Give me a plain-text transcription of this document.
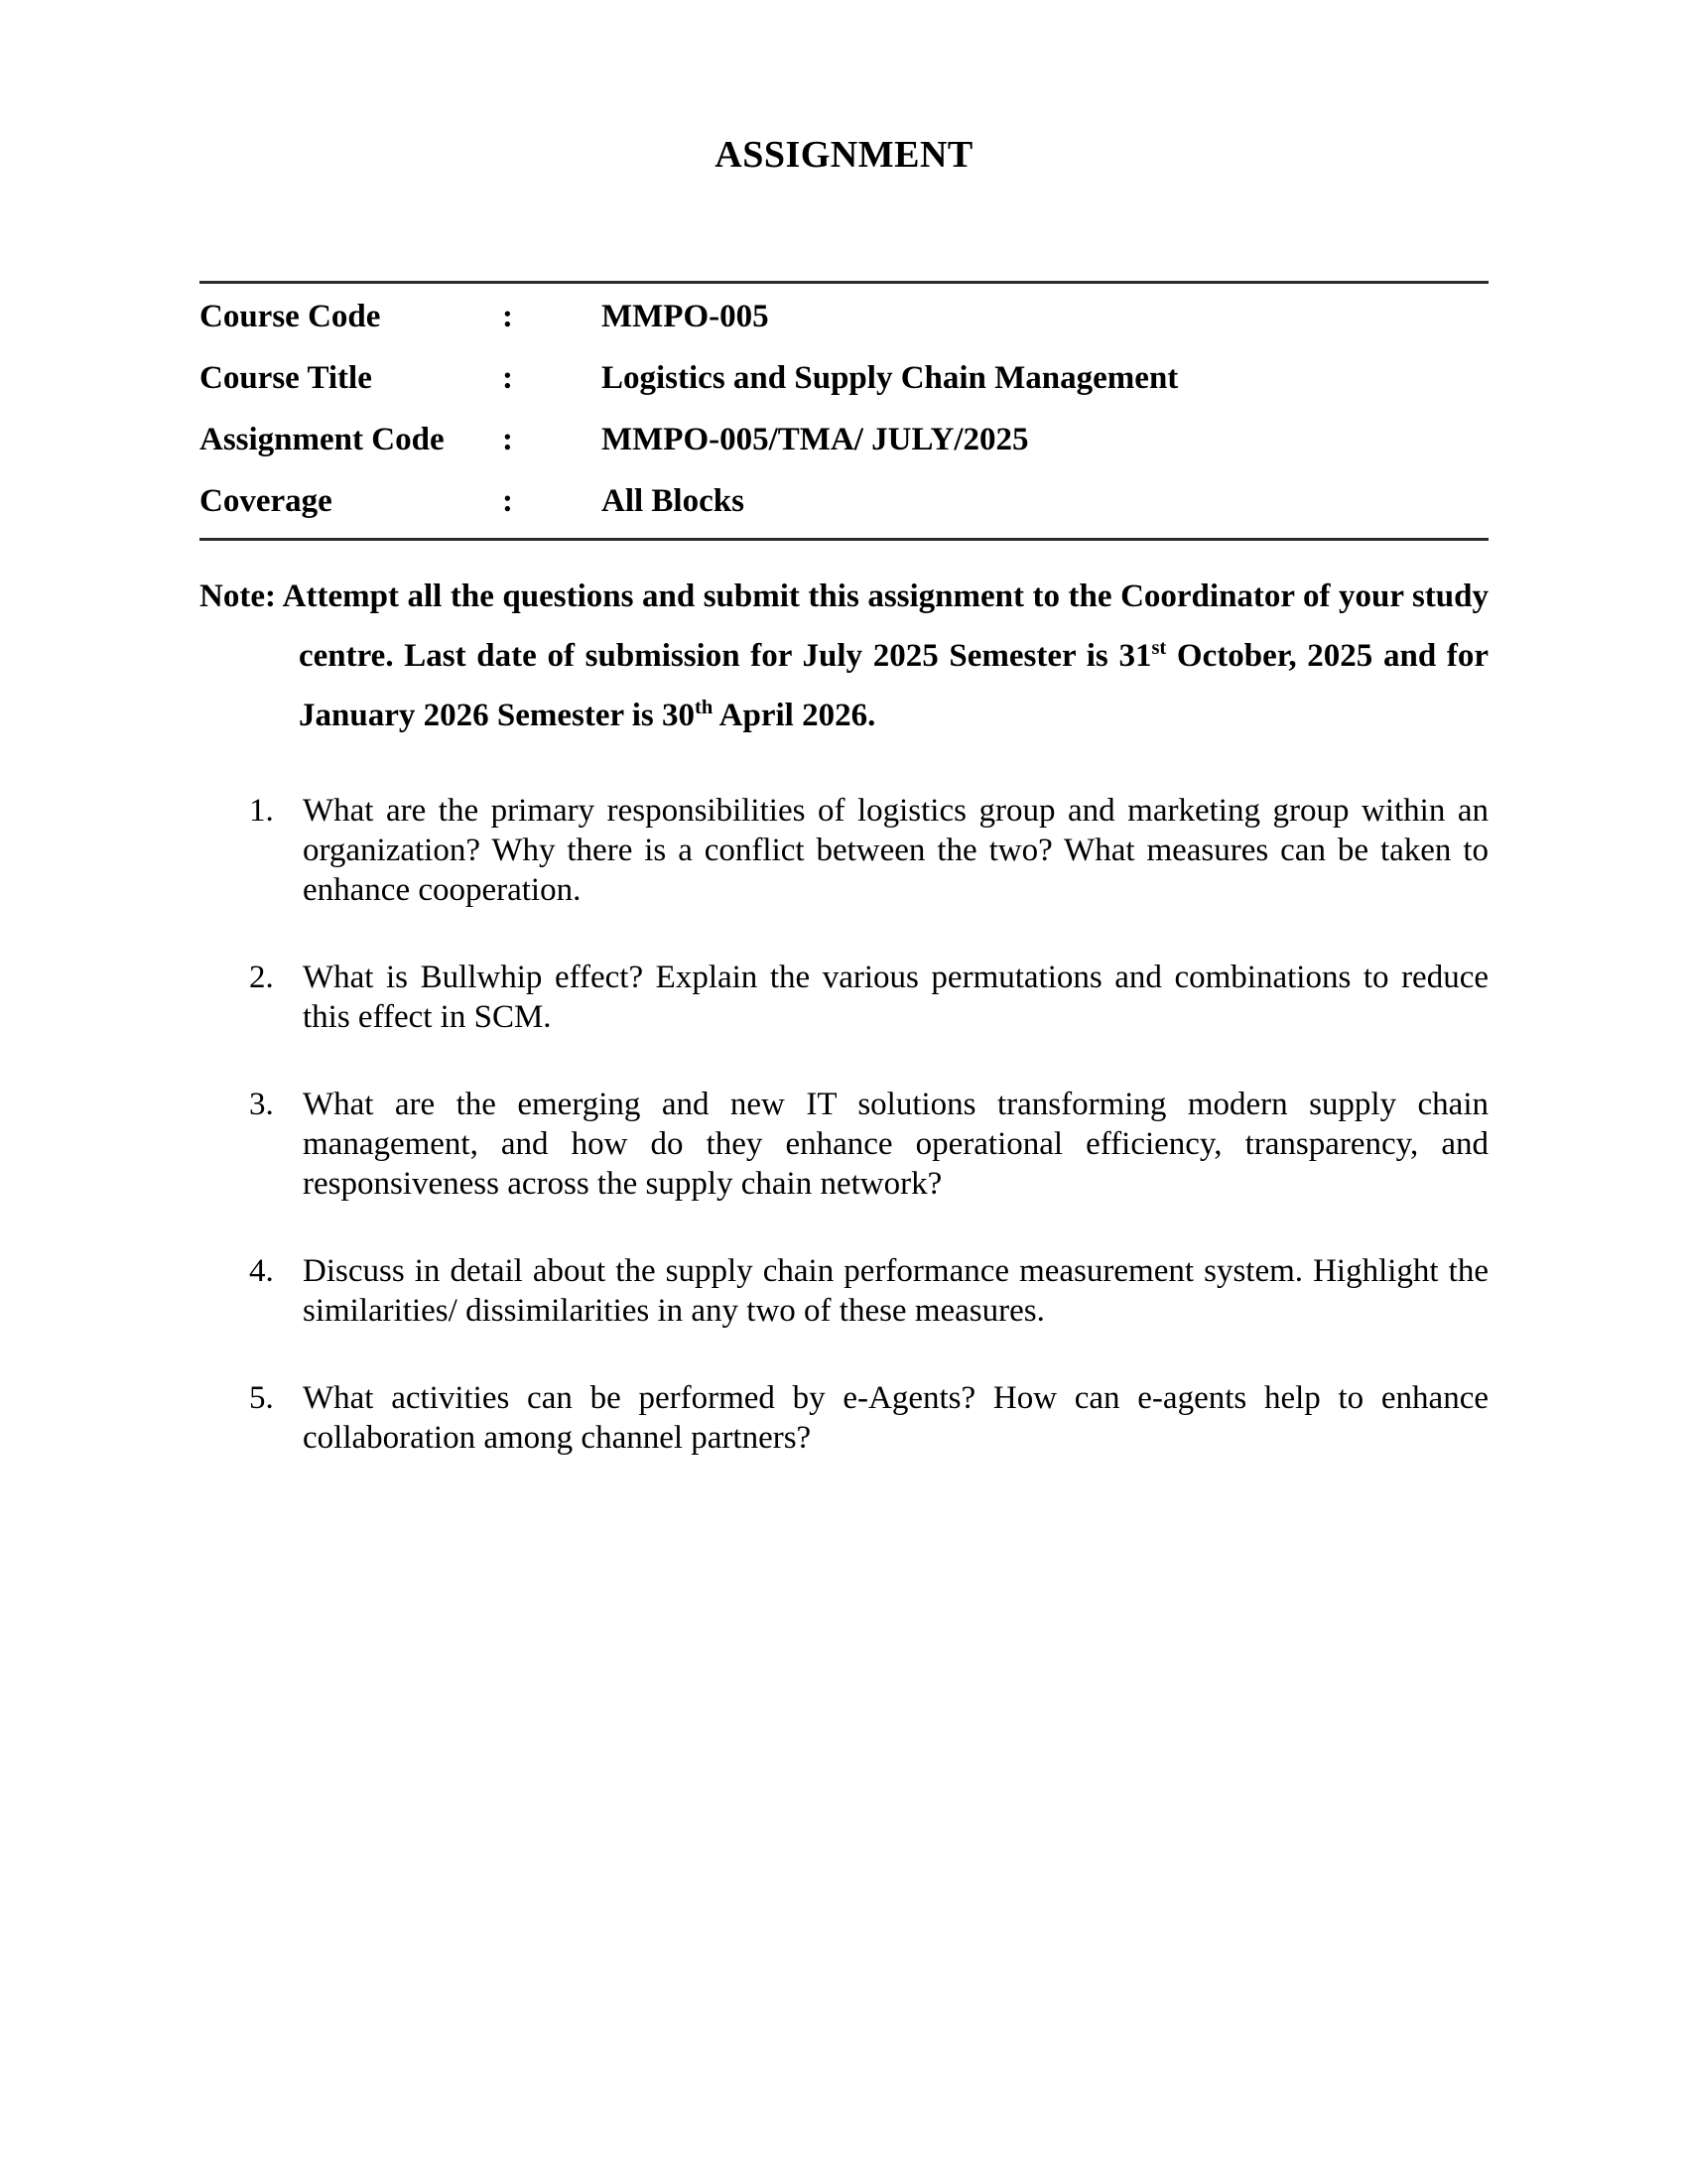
ASSIGNMENT
Course Code	:	MMPO-005
Course Title	:	Logistics and Supply Chain Management
Assignment Code	:	MMPO-005/TMA/ JULY/2025
Coverage	:	All Blocks

Note: Attempt all the questions and submit this assignment to the Coordinator of your study centre. Last date of submission for July 2025 Semester is 31st October, 2025 and for January 2026 Semester is 30th April 2026.

1. What are the primary responsibilities of logistics group and marketing group within an organization? Why there is a conflict between the two? What measures can be taken to enhance cooperation.
2. What is Bullwhip effect? Explain the various permutations and combinations to reduce this effect in SCM.
3. What are the emerging and new IT solutions transforming modern supply chain management, and how do they enhance operational efficiency, transparency, and responsiveness across the supply chain network?
4. Discuss in detail about the supply chain performance measurement system. Highlight the similarities/ dissimilarities in any two of these measures.
5. What activities can be performed by e-Agents? How can e-agents help to enhance collaboration among channel partners?
